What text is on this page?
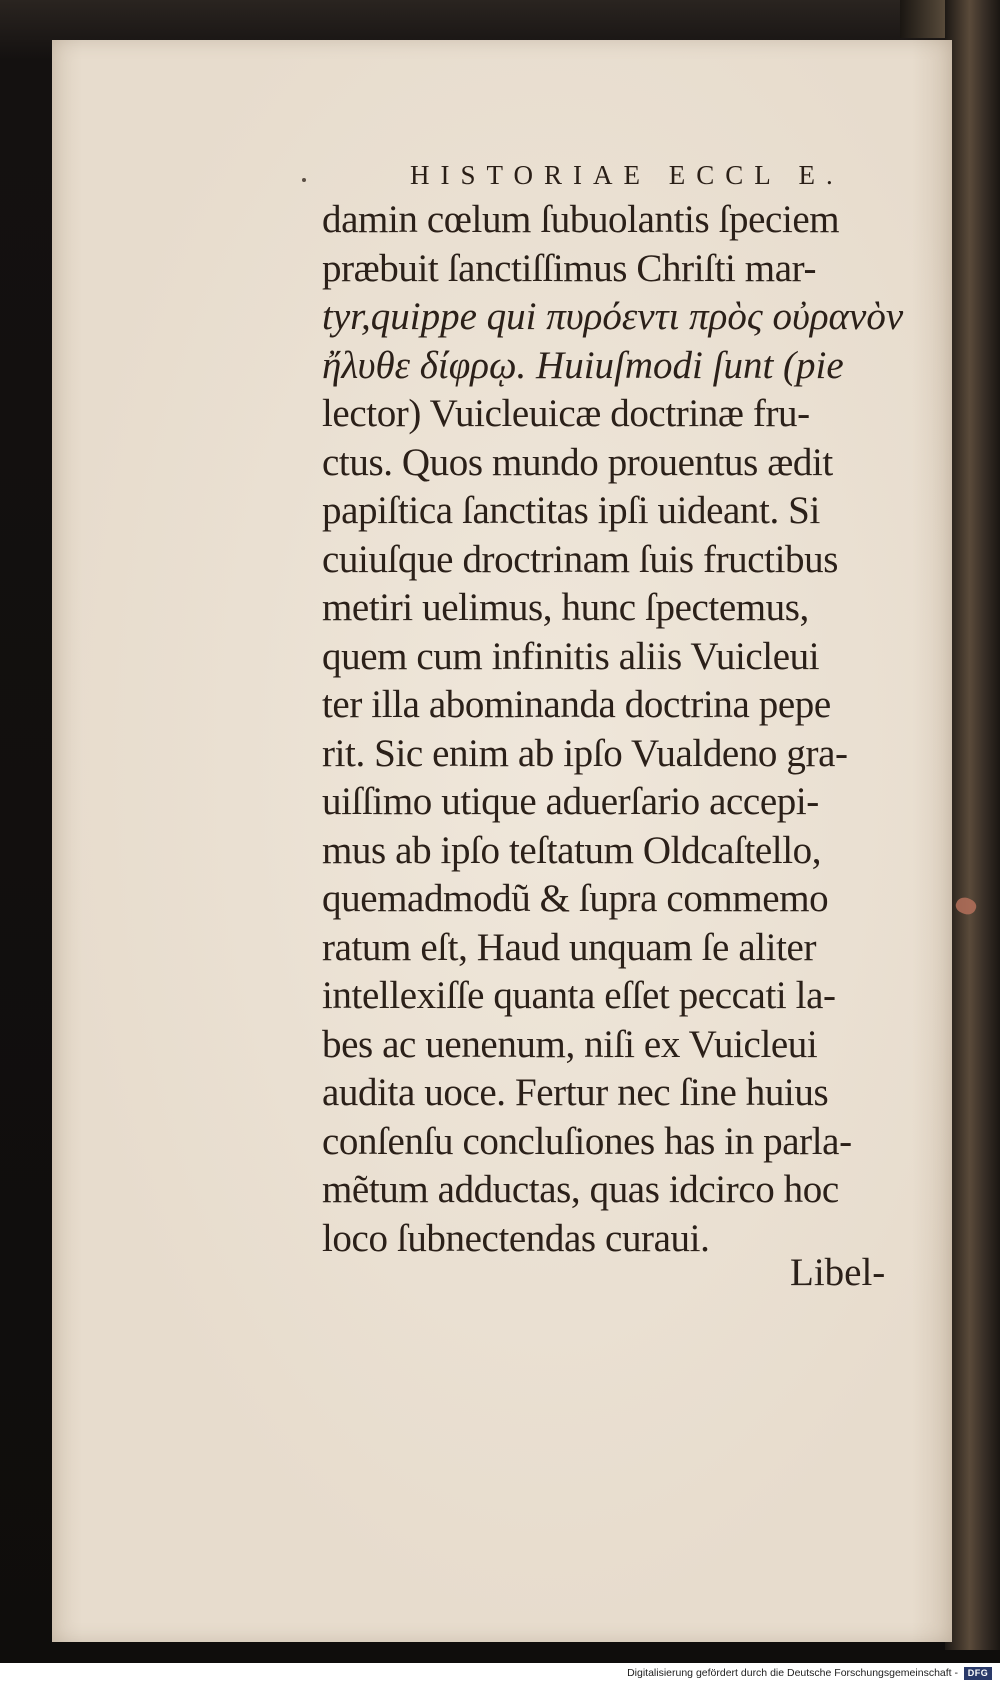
HISTORIAE ECCL E.
damin cœlum ſubuolantis ſpeciem
præbuit ſanctiſſimus Chriſti mar-
tyr,quippe qui πυρόεντι πρὸς οὐρανὸν
ἤλυθε δίφρῳ. Huiuſmodi ſunt (pie
lector) Vuicleuicæ doctrinæ fru-
ctus. Quos mundo prouentus ædit
papiſtica ſanctitas ipſi uideant. Si
cuiuſque droctrinam ſuis fructibus
metiri uelimus, hunc ſpectemus,
quem cum infinitis aliis Vuicleui
ter illa abominanda doctrina pepe
rit. Sic enim ab ipſo Vualdeno gra-
uiſſimo utique aduerſario accepi-
mus ab ipſo teſtatum Oldcaſtello,
quemadmodũ & ſupra commemo
ratum eſt, Haud unquam ſe aliter
intellexiſſe quanta eſſet peccati la-
bes ac uenenum, niſi ex Vuicleui
audita uoce. Fertur nec ſine huius
conſenſu concluſiones has in parla-
mẽtum adductas, quas idcirco hoc
loco ſubnectendas curaui.
Libel-
Digitalisierung gefördert durch die Deutsche Forschungsgemeinschaft -	DFG
